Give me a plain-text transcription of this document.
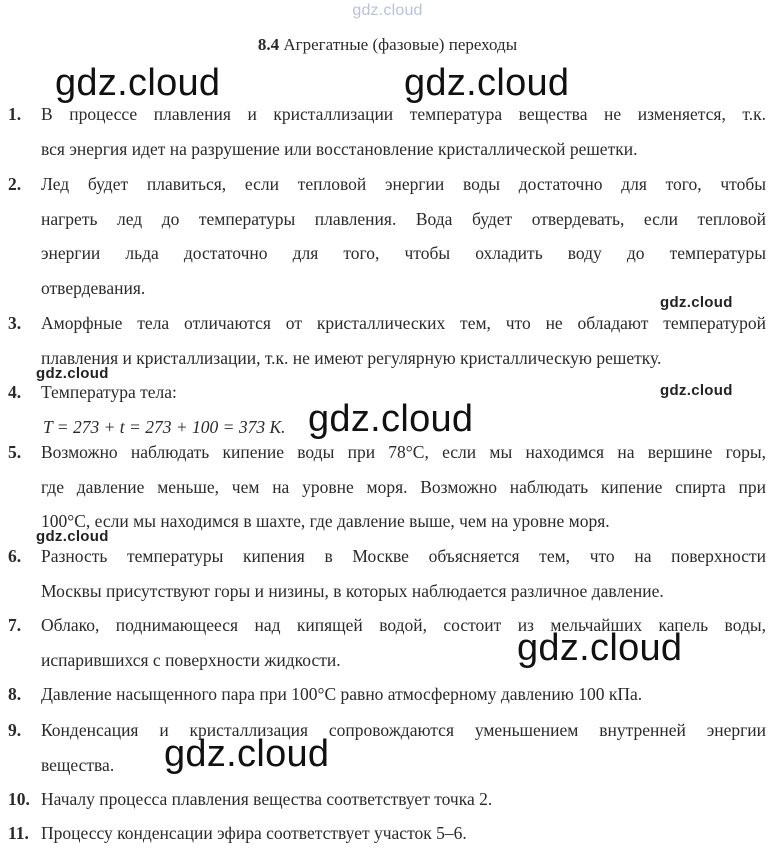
gdz.cloud
8.4 Агрегатные (фазовые) переходы
1.	В процессе плавления и кристаллизации температура вещества не изменяется, т.к.
вся энергия идет на разрушение или восстановление кристаллической решетки.
2.	Лед будет плавиться, если тепловой энергии воды достаточно для того, чтобы
нагреть лед до температуры плавления. Вода будет отвердевать, если тепловой
энергии льда достаточно для того, чтобы охладить воду до температуры
отвердевания.
3.	Аморфные тела отличаются от кристаллических тем, что не обладают температурой
плавления и кристаллизации, т.к. не имеют регулярную кристаллическую решетку.
4.	Температура тела:
T = 273 + t = 273 + 100 = 373 К.
5.	Возможно наблюдать кипение воды при 78°С, если мы находимся на вершине горы,
где давление меньше, чем на уровне моря. Возможно наблюдать кипение спирта при
100°С, если мы находимся в шахте, где давление выше, чем на уровне моря.
6.	Разность температуры кипения в Москве объясняется тем, что на поверхности
Москвы присутствуют горы и низины, в которых наблюдается различное давление.
7.	Облако, поднимающееся над кипящей водой, состоит из мельчайших капель воды,
испарившихся с поверхности жидкости.
8.	Давление насыщенного пара при 100°С равно атмосферному давлению 100 кПа.
9.	Конденсация и кристаллизация сопровождаются уменьшением внутренней энергии
вещества.
10. Началу процесса плавления вещества соответствует точка 2.
11. Процессу конденсации эфира соответствует участок 5–6.
gdz.cloud	gdz.cloud
gdz.cloud
gdz.cloud
gdz.cloud
gdz.cloud
gdz.cloud
gdz.cloud
gdz.cloud
